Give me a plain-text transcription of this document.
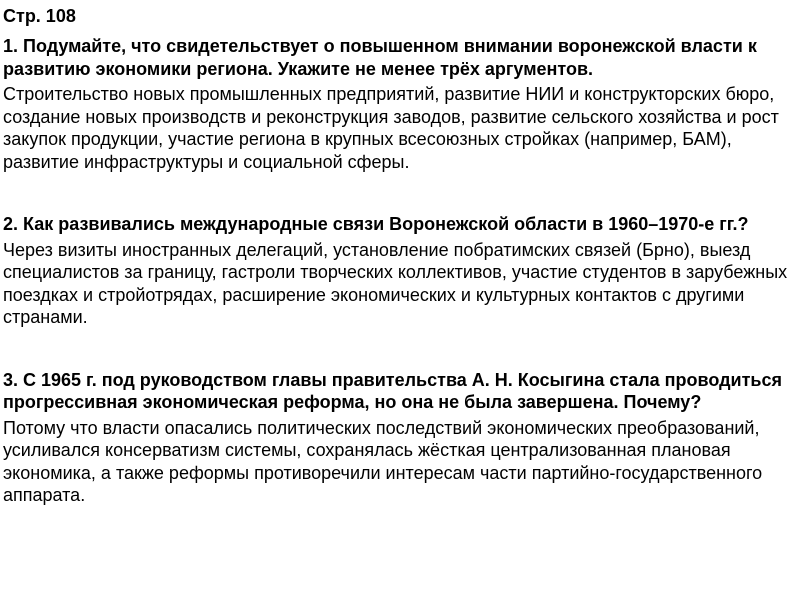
Стр. 108
1. Подумайте, что свидетельствует о повышенном внимании воронежской власти к развитию экономики региона. Укажите не менее трёх аргументов.
Строительство новых промышленных предприятий, развитие НИИ и конструкторских бюро, создание новых производств и реконструкция заводов, развитие сельского хозяйства и рост закупок продукции, участие региона в крупных всесоюзных стройках (например, БАМ), развитие инфраструктуры и социальной сферы.
2. Как развивались международные связи Воронежской области в 1960–1970-е гг.?
Через визиты иностранных делегаций, установление побратимских связей (Брно), выезд специалистов за границу, гастроли творческих коллективов, участие студентов в зарубежных поездках и стройотрядах, расширение экономических и культурных контактов с другими странами.
3. С 1965 г. под руководством главы правительства А. Н. Косыгина стала проводиться прогрессивная экономическая реформа, но она не была завершена. Почему?
Потому что власти опасались политических последствий экономических преобразований, усиливался консерватизм системы, сохранялась жёсткая централизованная плановая экономика, а также реформы противоречили интересам части партийно-государственного аппарата.
